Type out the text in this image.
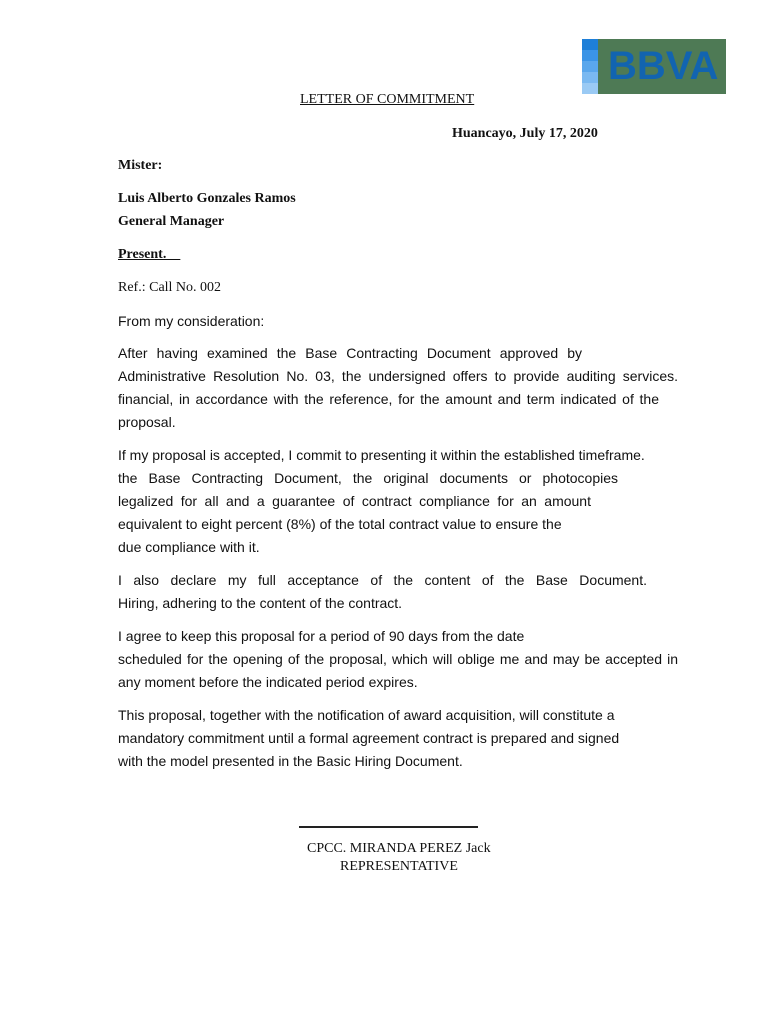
BBVA
LETTER OF COMMITMENT
Huancayo, July 17, 2020
Mister:
Luis Alberto Gonzales Ramos
General Manager
Present.
Ref.: Call No. 002
From my consideration:
After having examined the Base Contracting Document approved by
Administrative Resolution No. 03, the undersigned offers to provide auditing services.
financial, in accordance with the reference, for the amount and term indicated of the
proposal.
If my proposal is accepted, I commit to presenting it within the established timeframe.
the Base Contracting Document, the original documents or photocopies
legalized for all and a guarantee of contract compliance for an amount
equivalent to eight percent (8%) of the total contract value to ensure the
due compliance with it.
I also declare my full acceptance of the content of the Base Document.
Hiring, adhering to the content of the contract.
I agree to keep this proposal for a period of 90 days from the date
scheduled for the opening of the proposal, which will oblige me and may be accepted in
any moment before the indicated period expires.
This proposal, together with the notification of award acquisition, will constitute a
mandatory commitment until a formal agreement contract is prepared and signed
with the model presented in the Basic Hiring Document.
CPCC. MIRANDA PEREZ Jack
REPRESENTATIVE
